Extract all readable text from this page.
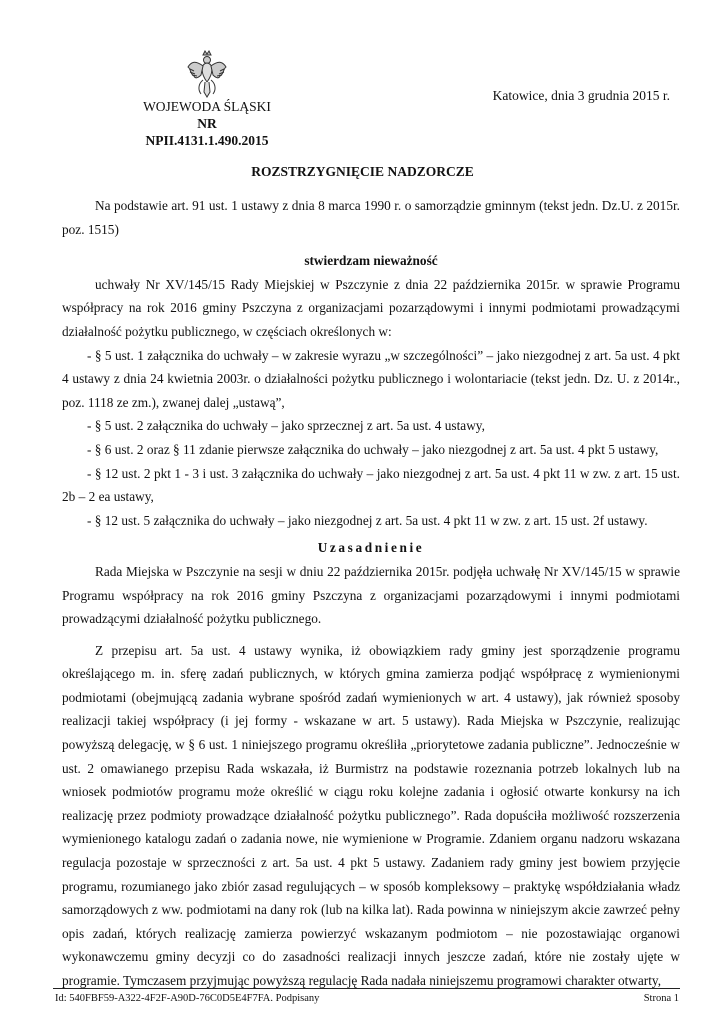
WOJEWODA ŚLĄSKI
NR NPII.4131.1.490.2015
Katowice, dnia 3 grudnia 2015 r.
ROZSTRZYGNIĘCIE NADZORCZE

Na podstawie art. 91 ust. 1 ustawy z dnia 8 marca 1990 r. o samorządzie gminnym (tekst jedn. Dz.U. z 2015r. poz. 1515)

stwierdzam nieważność

uchwały Nr XV/145/15 Rady Miejskiej w Pszczynie z dnia 22 października 2015r. w sprawie Programu współpracy na rok 2016 gminy Pszczyna z organizacjami pozarządowymi i innymi podmiotami prowadzącymi działalność pożytku publicznego, w częściach określonych w:

- § 5 ust. 1 załącznika do uchwały – w zakresie wyrazu „w szczególności” – jako niezgodnej z art. 5a ust. 4 pkt 4 ustawy z dnia 24 kwietnia 2003r. o działalności pożytku publicznego i wolontariacie (tekst jedn. Dz. U. z 2014r., poz. 1118 ze zm.), zwanej dalej „ustawą”,

- § 5 ust. 2 załącznika do uchwały – jako sprzecznej z art. 5a ust. 4 ustawy,

- § 6 ust. 2 oraz § 11 zdanie pierwsze załącznika do uchwały – jako niezgodnej z art. 5a ust. 4 pkt 5 ustawy,

- § 12 ust. 2 pkt 1 - 3 i ust. 3 załącznika do uchwały – jako niezgodnej z art. 5a ust. 4 pkt 11 w zw. z art. 15 ust. 2b – 2 ea ustawy,

- § 12 ust. 5 załącznika do uchwały – jako niezgodnej z art. 5a ust. 4 pkt 11 w zw. z art. 15 ust. 2f ustawy.

Uzasadnienie

Rada Miejska w Pszczynie na sesji w dniu 22 października 2015r. podjęła uchwałę Nr XV/145/15 w sprawie Programu współpracy na rok 2016 gminy Pszczyna z organizacjami pozarządowymi i innymi podmiotami prowadzącymi działalność pożytku publicznego.

Z przepisu art. 5a ust. 4 ustawy wynika, iż obowiązkiem rady gminy jest sporządzenie programu określającego m. in. sferę zadań publicznych, w których gmina zamierza podjąć współpracę z wymienionymi podmiotami (obejmującą zadania wybrane spośród zadań wymienionych w art. 4 ustawy), jak również sposoby realizacji takiej współpracy (i jej formy - wskazane w art. 5 ustawy). Rada Miejska w Pszczynie, realizując powyższą delegację, w § 6 ust. 1 niniejszego programu określiła „priorytetowe zadania publiczne”. Jednocześnie w ust. 2 omawianego przepisu Rada wskazała, iż Burmistrz na podstawie rozeznania potrzeb lokalnych lub na wniosek podmiotów programu może określić w ciągu roku kolejne zadania i ogłosić otwarte konkursy na ich realizację przez podmioty prowadzące działalność pożytku publicznego”. Rada dopuściła możliwość rozszerzenia wymienionego katalogu zadań o zadania nowe, nie wymienione w Programie. Zdaniem organu nadzoru wskazana regulacja pozostaje w sprzeczności z art. 5a ust. 4 pkt 5 ustawy. Zadaniem rady gminy jest bowiem przyjęcie programu, rozumianego jako zbiór zasad regulujących – w sposób kompleksowy – praktykę współdziałania władz samorządowych z ww. podmiotami na dany rok (lub na kilka lat). Rada powinna w niniejszym akcie zawrzeć pełny opis zadań, których realizację zamierza powierzyć wskazanym podmiotom – nie pozostawiając organowi wykonawczemu gminy decyzji co do zasadności realizacji innych jeszcze zadań, które nie zostały ujęte w programie. Tymczasem przyjmując powyższą regulację Rada nadała niniejszemu programowi charakter otwarty,

Id: 540FBF59-A322-4F2F-A90D-76C0D5E4F7FA. Podpisany	Strona 1
